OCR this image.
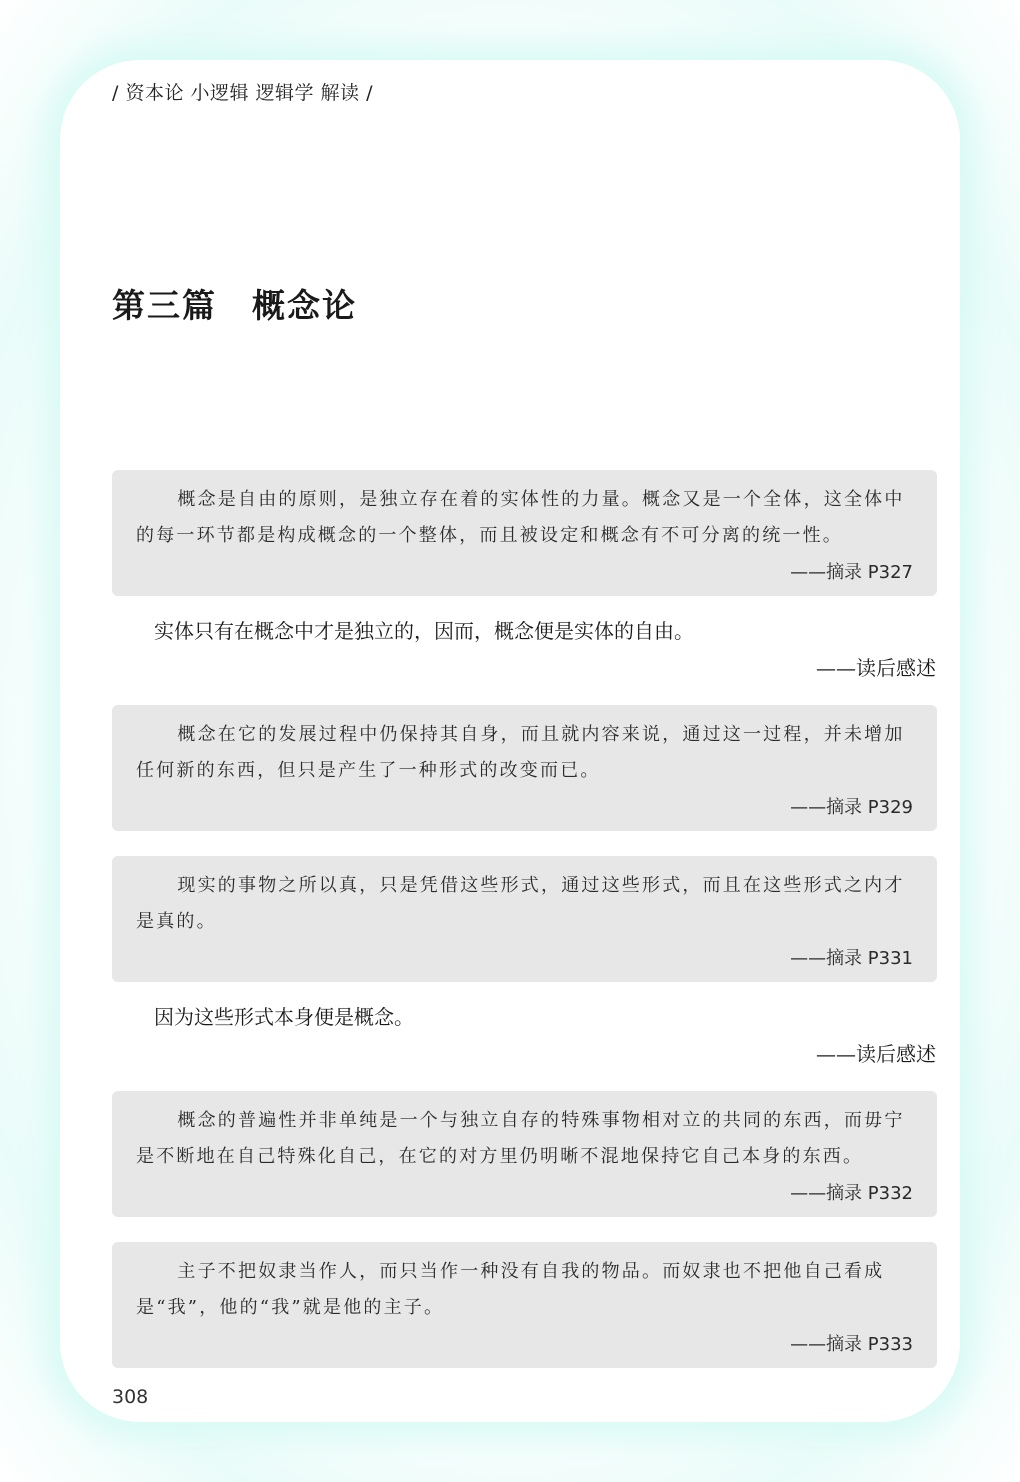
/ 资本论 小逻辑 逻辑学 解读 /
第三篇　概念论

概念是自由的原则，是独立存在着的实体性的力量。概念又是一个全体，这全体中的每一环节都是构成概念的一个整体，而且被设定和概念有不可分离的统一性。

——摘录 P327
实体只有在概念中才是独立的，因而，概念便是实体的自由。
——读后感述

概念在它的发展过程中仍保持其自身，而且就内容来说，通过这一过程，并未增加任何新的东西，但只是产生了一种形式的改变而已。

——摘录 P329

现实的事物之所以真，只是凭借这些形式，通过这些形式，而且在这些形式之内才是真的。

——摘录 P331
因为这些形式本身便是概念。
——读后感述

概念的普遍性并非单纯是一个与独立自存的特殊事物相对立的共同的东西，而毋宁是不断地在自己特殊化自己，在它的对方里仍明晰不混地保持它自己本身的东西。

——摘录 P332

主子不把奴隶当作人，而只当作一种没有自我的物品。而奴隶也不把他自己看成是“我”，他的“我”就是他的主子。

——摘录 P333
308
